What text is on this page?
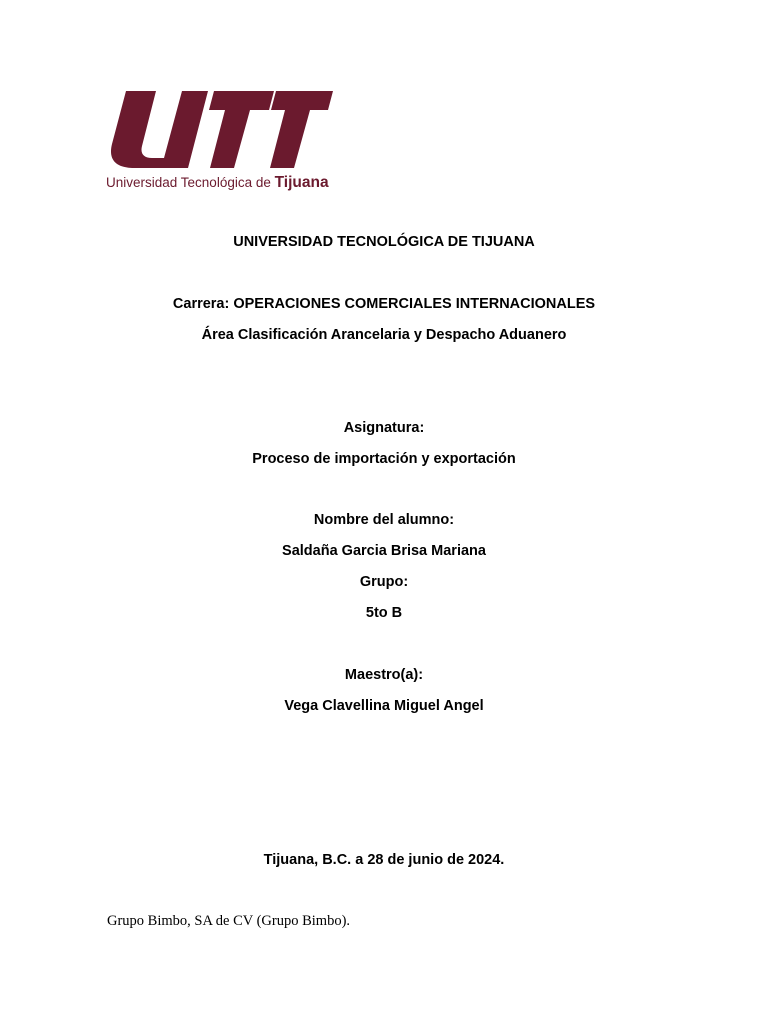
Universidad Tecnológica de Tijuana
UNIVERSIDAD TECNOLÓGICA DE TIJUANA
Carrera: OPERACIONES COMERCIALES INTERNACIONALES
Área Clasificación Arancelaria y Despacho Aduanero
Asignatura:
Proceso de importación y exportación
Nombre del alumno:
Saldaña Garcia Brisa Mariana
Grupo:
5to B
Maestro(a):
Vega Clavellina Miguel Angel
Tijuana, B.C. a 28 de junio de 2024.
Grupo Bimbo, SA de CV (Grupo Bimbo).
